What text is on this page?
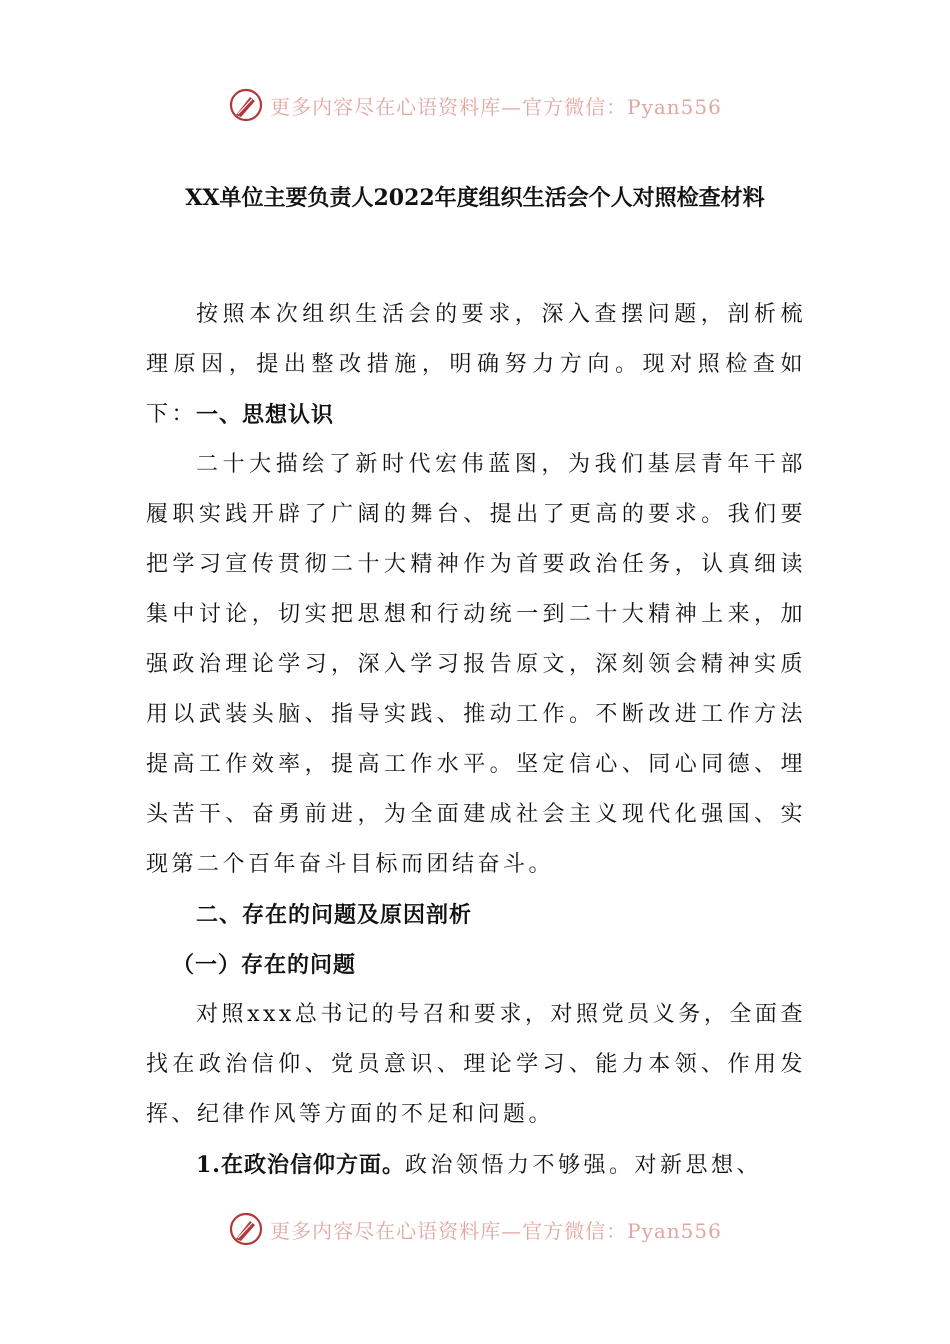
更多内容尽在心语资料库—官方微信：Pyan556
XX单位主要负责人2022年度组织生活会个人对照检查材料

按照本次组织生活会的要求，深入查摆问题，剖析梳理原因，提出整改措施，明确努力方向。现对照检查如下：

一、思想认识

二十大描绘了新时代宏伟蓝图，为我们基层青年干部履职实践开辟了广阔的舞台、提出了更高的要求。我们要把学习宣传贯彻二十大精神作为首要政治任务，认真细读集中讨论，切实把思想和行动统一到二十大精神上来，加强政治理论学习，深入学习报告原文，深刻领会精神实质用以武装头脑、指导实践、推动工作。不断改进工作方法提高工作效率，提高工作水平。坚定信心、同心同德、埋头苦干、奋勇前进，为全面建成社会主义现代化强国、实现第二个百年奋斗目标而团结奋斗。

二、存在的问题及原因剖析

（一）存在的问题

对照xxx总书记的号召和要求，对照党员义务，全面查找在政治信仰、党员意识、理论学习、能力本领、作用发挥、纪律作风等方面的不足和问题。

1.在政治信仰方面。政治领悟力不够强。对新思想、

更多内容尽在心语资料库—官方微信：Pyan556
